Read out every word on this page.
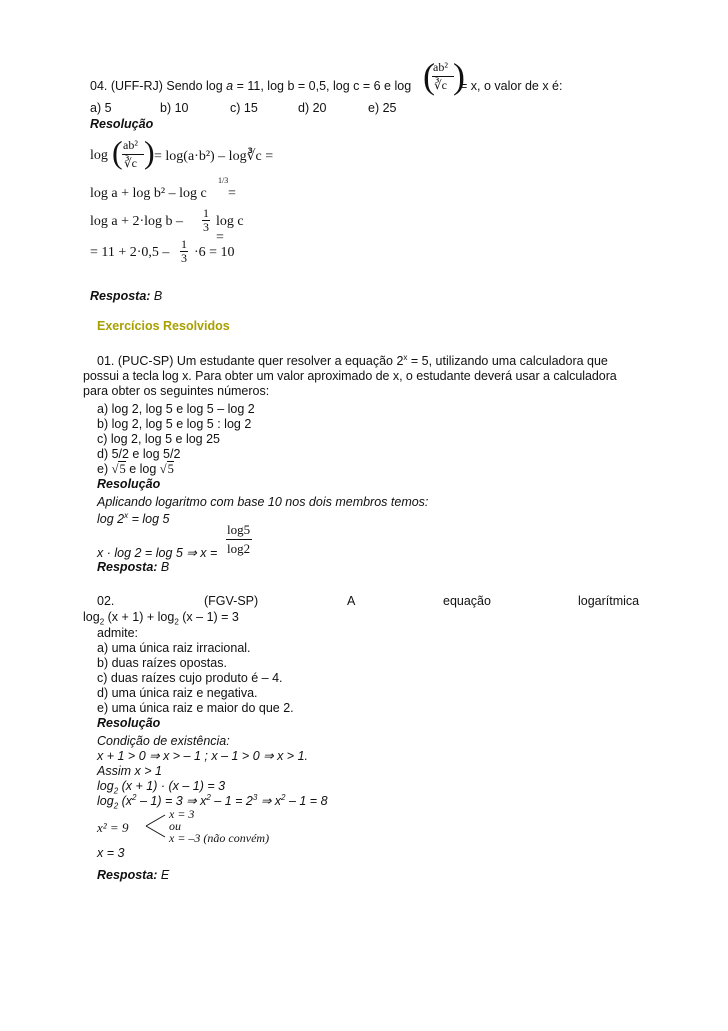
04. (UFF-RJ) Sendo log a = 11, log b = 0,5, log c = 6 e log (
ab²
∛c )
= x, o valor de x é:
a) 5	b) 10	c) 15	d) 20	e) 25
Resolução
log ( ab²
∛c ) = log(a·b²) – log∛c =
log a + log b² – log c
1/3
=
log a + 2·log b – $\frac{1}{3}$ log c =
= $11 + 2\cdot 0,5 - \frac{1}{3} \cdot 6 = 10$
Resposta: B
Exercícios Resolvidos
01. (PUC-SP) Um estudante quer resolver a equação $2^x = 5$, utilizando uma calculadora que
possui a tecla log x. Para obter um valor aproximado de x, o estudante deverá usar a calculadora
para obter os seguintes números:
a) log 2, log 5 e log 5 – log 2
b) log 2, log 5 e log 5 : log 2
c) log 2, log 5 e log 25
d) 5/2 e log 5/2
e) √5 e log √5
Resolução
Aplicando logaritmo com base 10 nos dois membros temos:
$\log 2^x = \log 5$
x · log 2 = log 5 ⇒ x =
log5
log2
Resposta: B
02.	(FGV-SP)	A	equação	logarítmica
$\log_2 (x + 1) + \log_2 (x - 1) = 3$
admite:
a) uma única raiz irracional.
b) duas raízes opostas.
c) duas raízes cujo produto é – 4.
d) uma única raiz e negativa.
e) uma única raiz e maior do que 2.
Resolução
Condição de existência:
x + 1 > 0 ⇒ x > – 1 ; x – 1 > 0 ⇒ x > 1.
Assim x > 1
$\log_2 (x + 1) \cdot (x - 1) = 3$
$\log_2 (x^2 - 1) = 3$ ⇒ $x^2 - 1 = 2^3$ ⇒ $x^2 - 1 = 8$
x² = 9
x = 3
ou
x = –3 (não convém)
x = 3
Resposta: E
